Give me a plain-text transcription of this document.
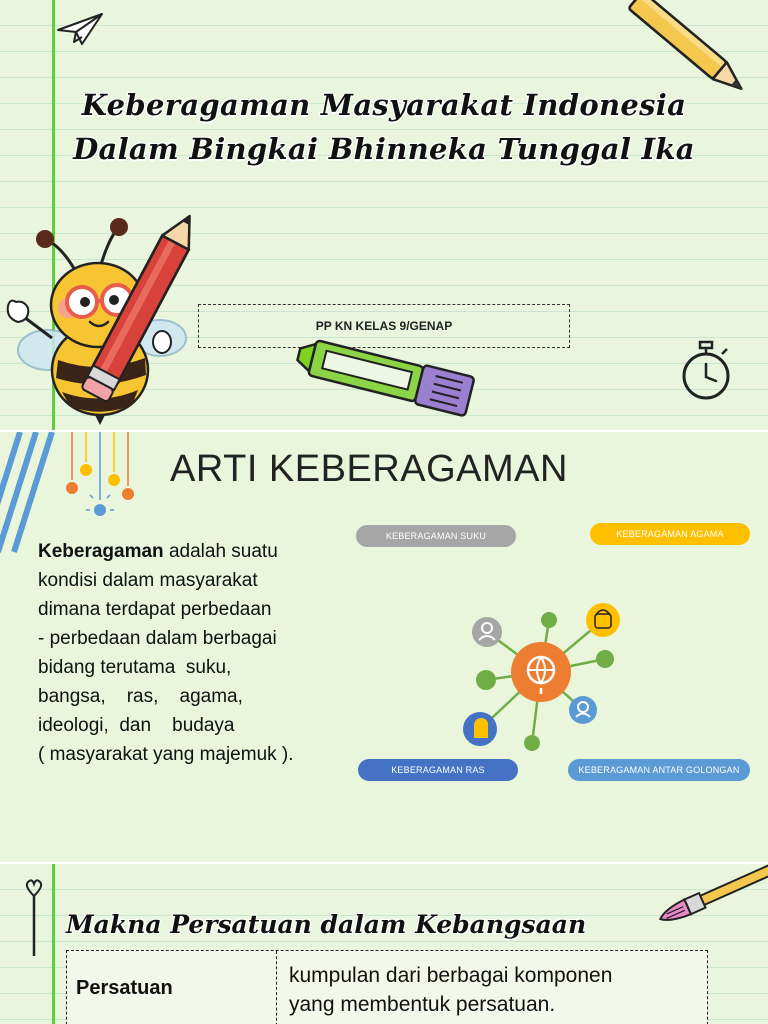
Keberagaman Masyarakat Indonesia
Dalam Bingkai Bhinneka Tunggal Ika
PP KN KELAS 9/GENAP
ARTI KEBERAGAMAN
Keberagaman adalah suatu
kondisi dalam masyarakat
dimana terdapat perbedaan
- perbedaan dalam berbagai
bidang terutama  suku,
bangsa,    ras,    agama,
ideologi,  dan    budaya
( masyarakat yang majemuk ).
KEBERAGAMAN SUKU	KEBERAGAMAN AGAMA
KEBERAGAMAN RAS	KEBERAGAMAN ANTAR GOLONGAN
Makna Persatuan dalam Kebangsaan
Persatuan
kumpulan dari berbagai komponen
yang membentuk persatuan.
